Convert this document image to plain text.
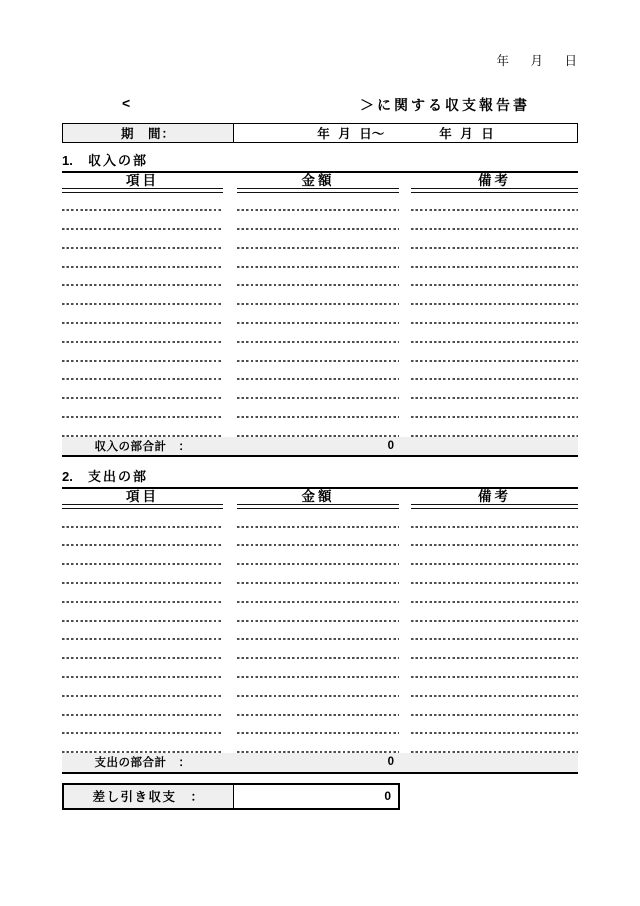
年 月 日
<	＞に関する収支報告書
期　間：	年 月 日～	年 月 日
1.	収入の部
項目	金額	備考
収入の部合計　：	0
2.	支出の部
項目	金額	備考
支出の部合計　：	0
差し引き収支　：	0
